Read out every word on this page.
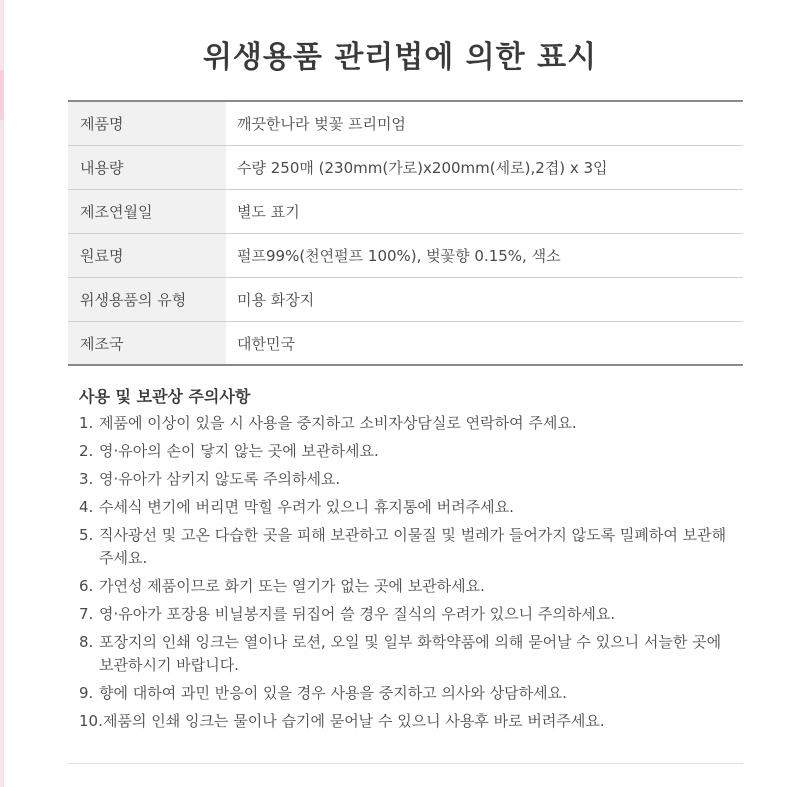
위생용품 관리법에 의한 표시
제품명	깨끗한나라 벚꽃 프리미엄
내용량	수량 250매 (230mm(가로)x200mm(세로),2겹) x 3입
제조연월일	별도 표기
원료명	펄프99%(천연펄프 100%), 벚꽃향 0.15%, 색소
위생용품의 유형	미용 화장지
제조국	대한민국
사용 및 보관상 주의사항
1. 제품에 이상이 있을 시 사용을 중지하고 소비자상담실로 연락하여 주세요.
2. 영·유아의 손이 닿지 않는 곳에 보관하세요.
3. 영·유아가 삼키지 않도록 주의하세요.
4. 수세식 변기에 버리면 막힐 우려가 있으니 휴지통에 버려주세요.
5. 직사광선 및 고온 다습한 곳을 피해 보관하고 이물질 및 벌레가 들어가지 않도록 밀폐하여 보관해주세요.
6. 가연성 제품이므로 화기 또는 열기가 없는 곳에 보관하세요.
7. 영·유아가 포장용 비닐봉지를 뒤집어 쓸 경우 질식의 우려가 있으니 주의하세요.
8. 포장지의 인쇄 잉크는 열이나 로션, 오일 및 일부 화학약품에 의해 묻어날 수 있으니 서늘한 곳에 보관하시기 바랍니다.
9. 향에 대하여 과민 반응이 있을 경우 사용을 중지하고 의사와 상담하세요.
10. 제품의 인쇄 잉크는 물이나 습기에 묻어날 수 있으니 사용후 바로 버려주세요.
